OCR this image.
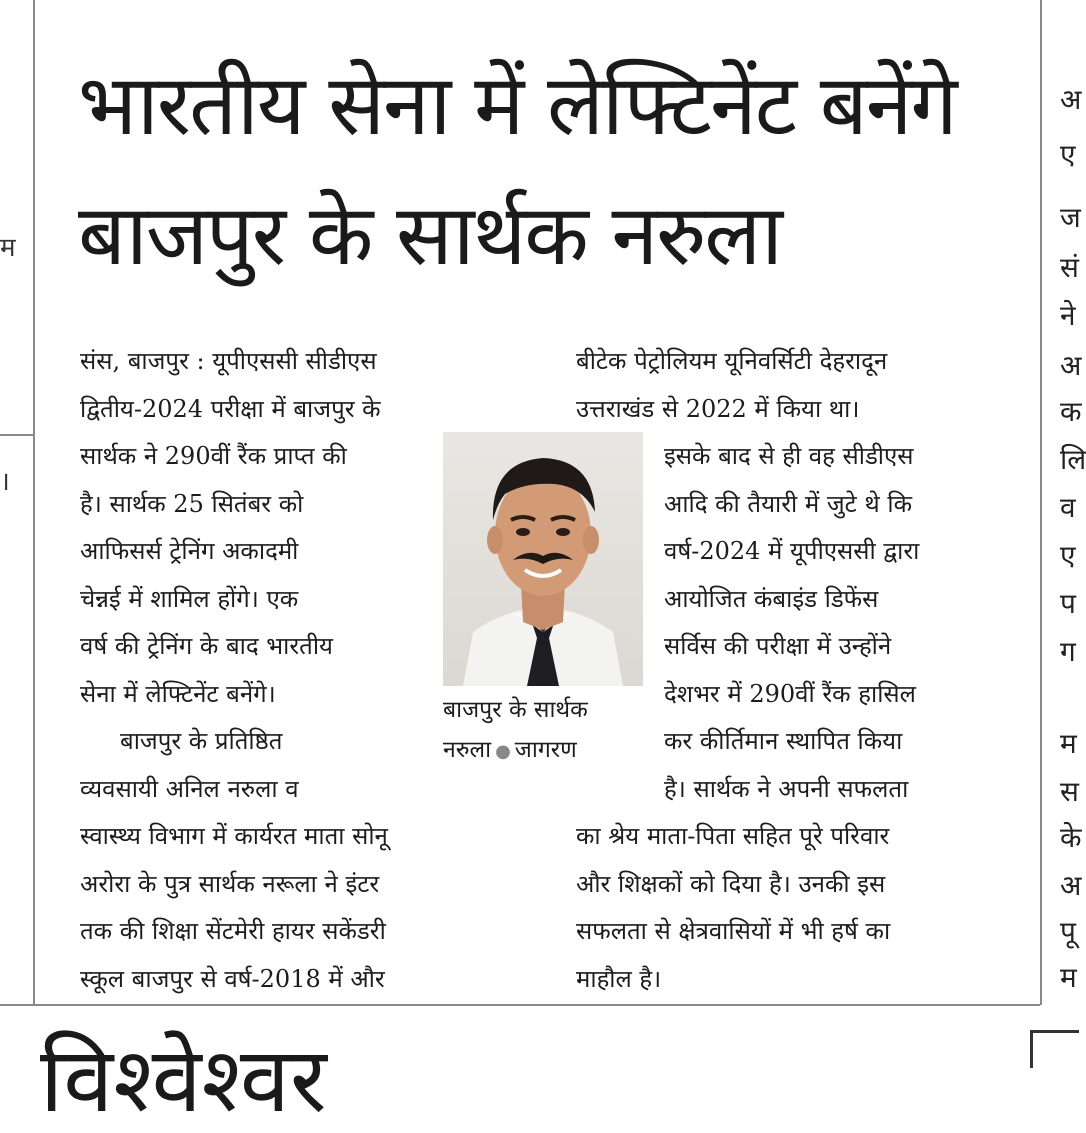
म
।
अ
ए
ज
सं
ने
अ
क
लि
व
ए
प
ग
म
स
के
अ
पू
म
भारतीय सेना में लेफ्टिनेंट बनेंगे
बाजपुर के सार्थक नरुला

संस, बाजपुर : यूपीएससी सीडीएस

द्वितीय-2024 परीक्षा में बाजपुर के

सार्थक ने 290वीं रैंक प्राप्त की

है। सार्थक 25 सितंबर को

आफिसर्स ट्रेनिंग अकादमी

चेन्नई में शामिल होंगे। एक

वर्ष की ट्रेनिंग के बाद भारतीय

सेना में लेफ्टिनेंट बनेंगे।

बाजपुर के प्रतिष्ठित

व्यवसायी अनिल नरुला व

स्वास्थ्य विभाग में कार्यरत माता सोनू

अरोरा के पुत्र सार्थक नरूला ने इंटर

तक की शिक्षा सेंटमेरी हायर सकेंडरी

स्कूल बाजपुर से वर्ष-2018 में और

बाजपुर के सार्थक
नरुला ● जागरण

बीटेक पेट्रोलियम यूनिवर्सिटी देहरादून

उत्तराखंड से 2022 में किया था।

इसके बाद से ही वह सीडीएस

आदि की तैयारी में जुटे थे कि

वर्ष-2024 में यूपीएससी द्वारा

आयोजित कंबाइंड डिफेंस

सर्विस की परीक्षा में उन्होंने

देशभर में 290वीं रैंक हासिल

कर कीर्तिमान स्थापित किया

है। सार्थक ने अपनी सफलता

का श्रेय माता-पिता सहित पूरे परिवार

और शिक्षकों को दिया है। उनकी इस

सफलता से क्षेत्रवासियों में भी हर्ष का

माहौल है।

विश्वेश्वर
